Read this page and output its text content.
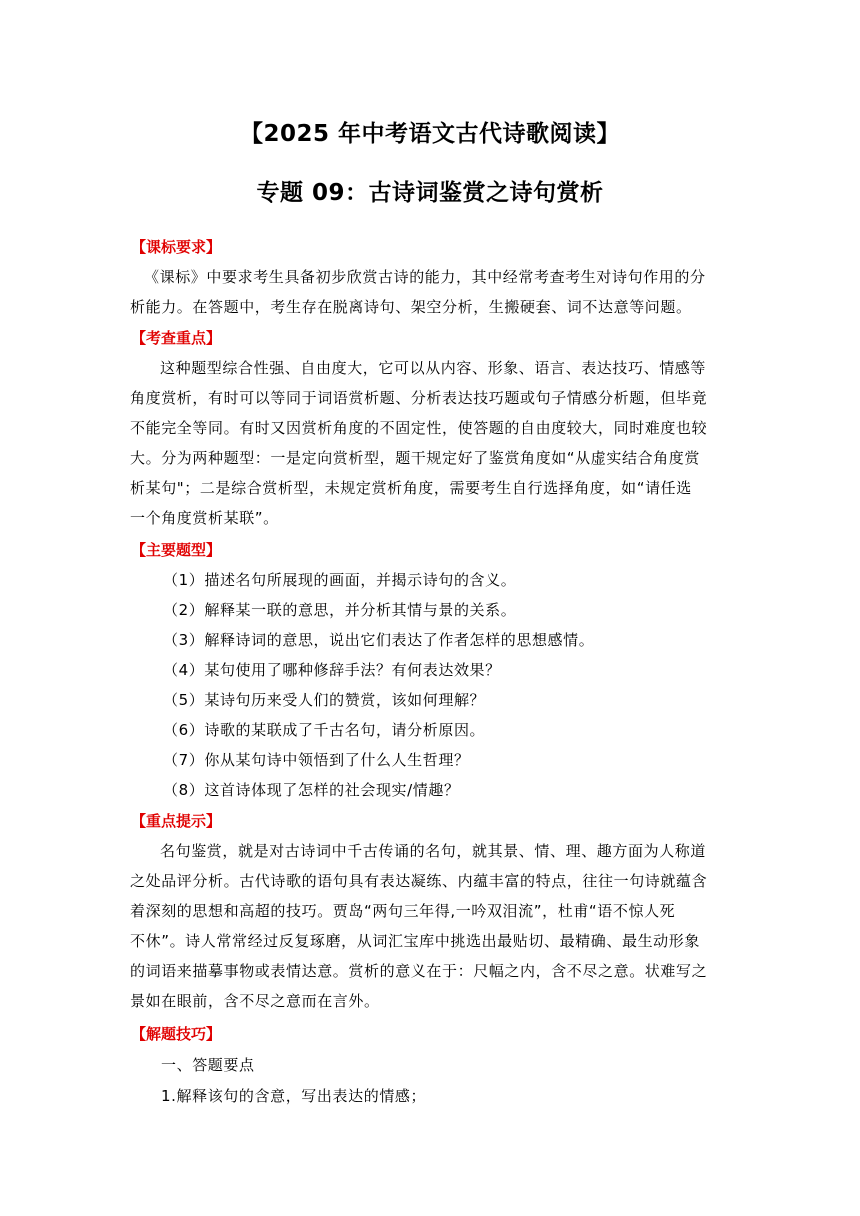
【2025 年中考语文古代诗歌阅读】
专题 09：古诗词鉴赏之诗句赏析
【课标要求】
《课标》中要求考生具备初步欣赏古诗的能力，其中经常考查考生对诗句作用的分
析能力。在答题中，考生存在脱离诗句、架空分析，生搬硬套、词不达意等问题。
【考查重点】
这种题型综合性强、自由度大，它可以从内容、形象、语言、表达技巧、情感等
角度赏析，有时可以等同于词语赏析题、分析表达技巧题或句子情感分析题，但毕竟
不能完全等同。有时又因赏析角度的不固定性，使答题的自由度较大，同时难度也较
大。分为两种题型：一是定向赏析型，题干规定好了鉴赏角度如“从虚实结合角度赏
析某句"；二是综合赏析型，未规定赏析角度，需要考生自行选择角度，如“请任选
一个角度赏析某联”。
【主要题型】
（1）描述名句所展现的画面，并揭示诗句的含义。
（2）解释某一联的意思，并分析其情与景的关系。
（3）解释诗词的意思，说出它们表达了作者怎样的思想感情。
（4）某句使用了哪种修辞手法？有何表达效果？
（5）某诗句历来受人们的赞赏，该如何理解？
（6）诗歌的某联成了千古名句，请分析原因。
（7）你从某句诗中领悟到了什么人生哲理？
（8）这首诗体现了怎样的社会现实/情趣？
【重点提示】
名句鉴赏，就是对古诗词中千古传诵的名句，就其景、情、理、趣方面为人称道
之处品评分析。古代诗歌的语句具有表达凝练、内蕴丰富的特点，往往一句诗就蕴含
着深刻的思想和高超的技巧。贾岛“两句三年得,一吟双泪流”，杜甫“语不惊人死
不休”。诗人常常经过反复琢磨，从词汇宝库中挑选出最贴切、最精确、最生动形象
的词语来描摹事物或表情达意。赏析的意义在于：尺幅之内，含不尽之意。状难写之
景如在眼前，含不尽之意而在言外。
【解题技巧】
一、答题要点
1.解释该句的含意，写出表达的情感；
